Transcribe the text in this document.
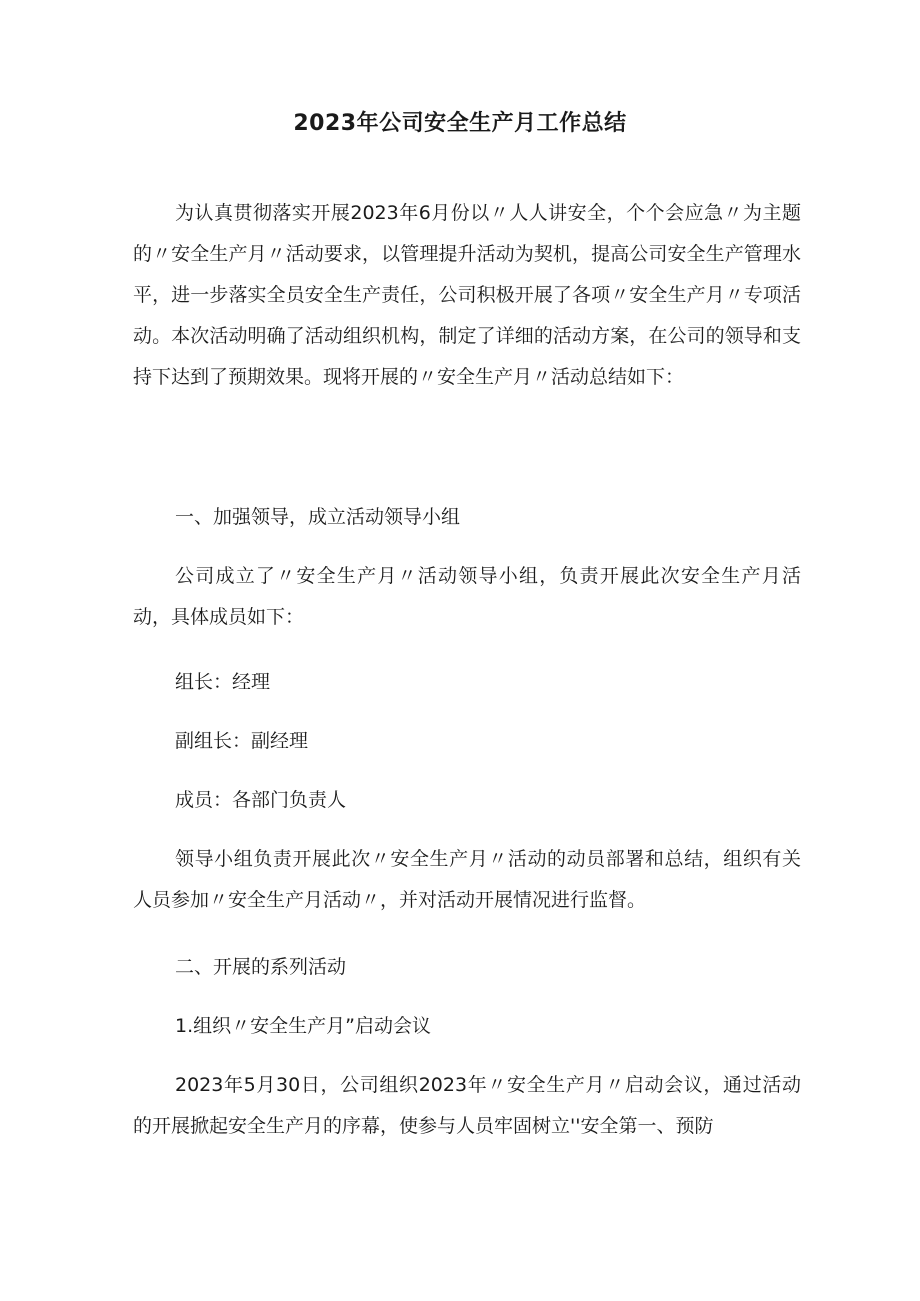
2023年公司安全生产月工作总结

为认真贯彻落实开展2023年6月份以〃人人讲安全，个个会应急〃为主题的〃安全生产月〃活动要求，以管理提升活动为契机，提高公司安全生产管理水平，进一步落实全员安全生产责任，公司积极开展了各项〃安全生产月〃专项活动。本次活动明确了活动组织机构，制定了详细的活动方案，在公司的领导和支持下达到了预期效果。现将开展的〃安全生产月〃活动总结如下：

一、加强领导，成立活动领导小组

公司成立了〃安全生产月〃活动领导小组，负责开展此次安全生产月活动，具体成员如下：

组长：经理

副组长：副经理

成员：各部门负责人

领导小组负责开展此次〃安全生产月〃活动的动员部署和总结，组织有关人员参加〃安全生产月活动〃，并对活动开展情况进行监督。

二、开展的系列活动

1.组织〃安全生产月”启动会议

2023年5月30日，公司组织2023年〃安全生产月〃启动会议，通过活动的开展掀起安全生产月的序幕，使参与人员牢固树立''安全第一、预防
